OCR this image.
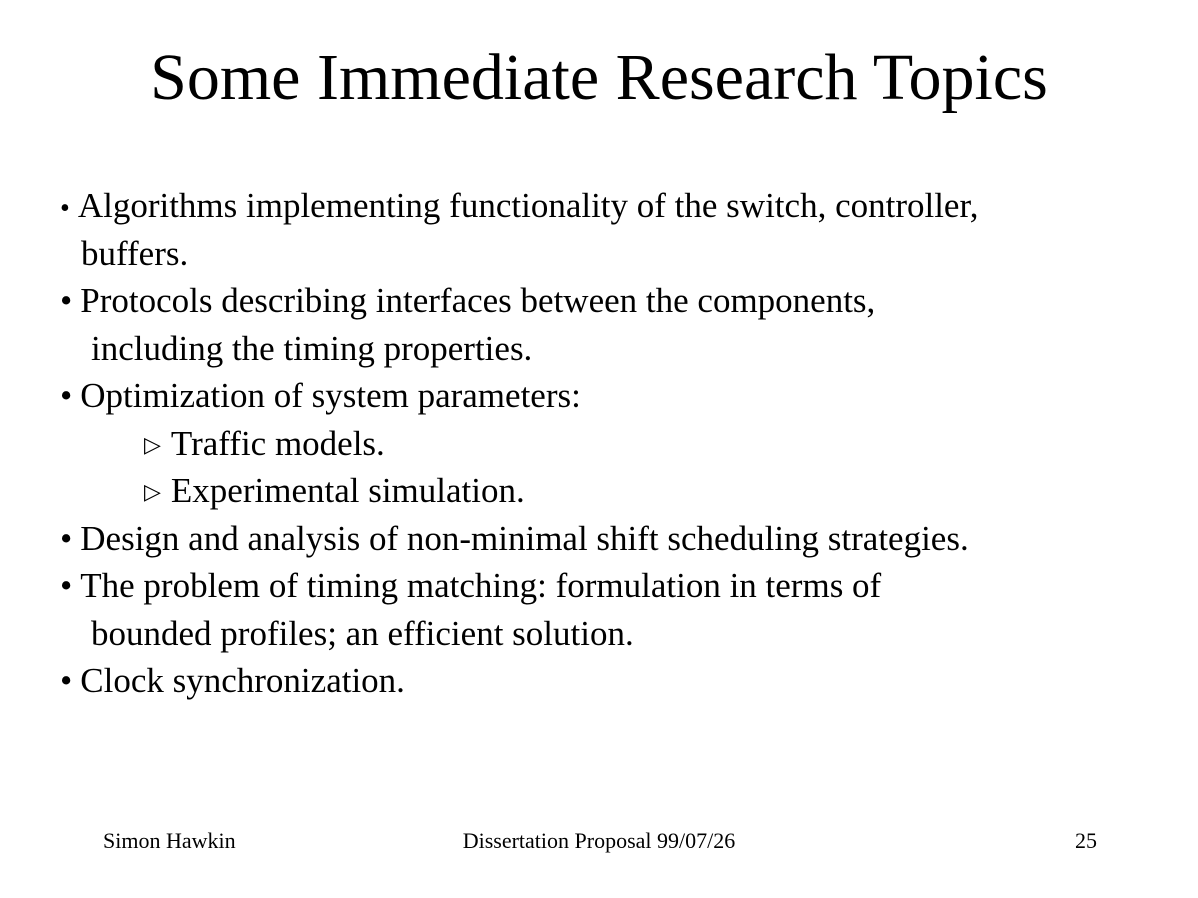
Some Immediate Research Topics
• Algorithms implementing functionality of the switch, controller,
buffers.
• Protocols describing interfaces between the components,
including the timing properties.
• Optimization of system parameters:
▷ Traffic models.
▷ Experimental simulation.
• Design and analysis of non-minimal shift scheduling strategies.
• The problem of timing matching: formulation in terms of
bounded profiles; an efficient solution.
• Clock synchronization.
Dissertation Proposal 99/07/26
Simon Hawkin	25
